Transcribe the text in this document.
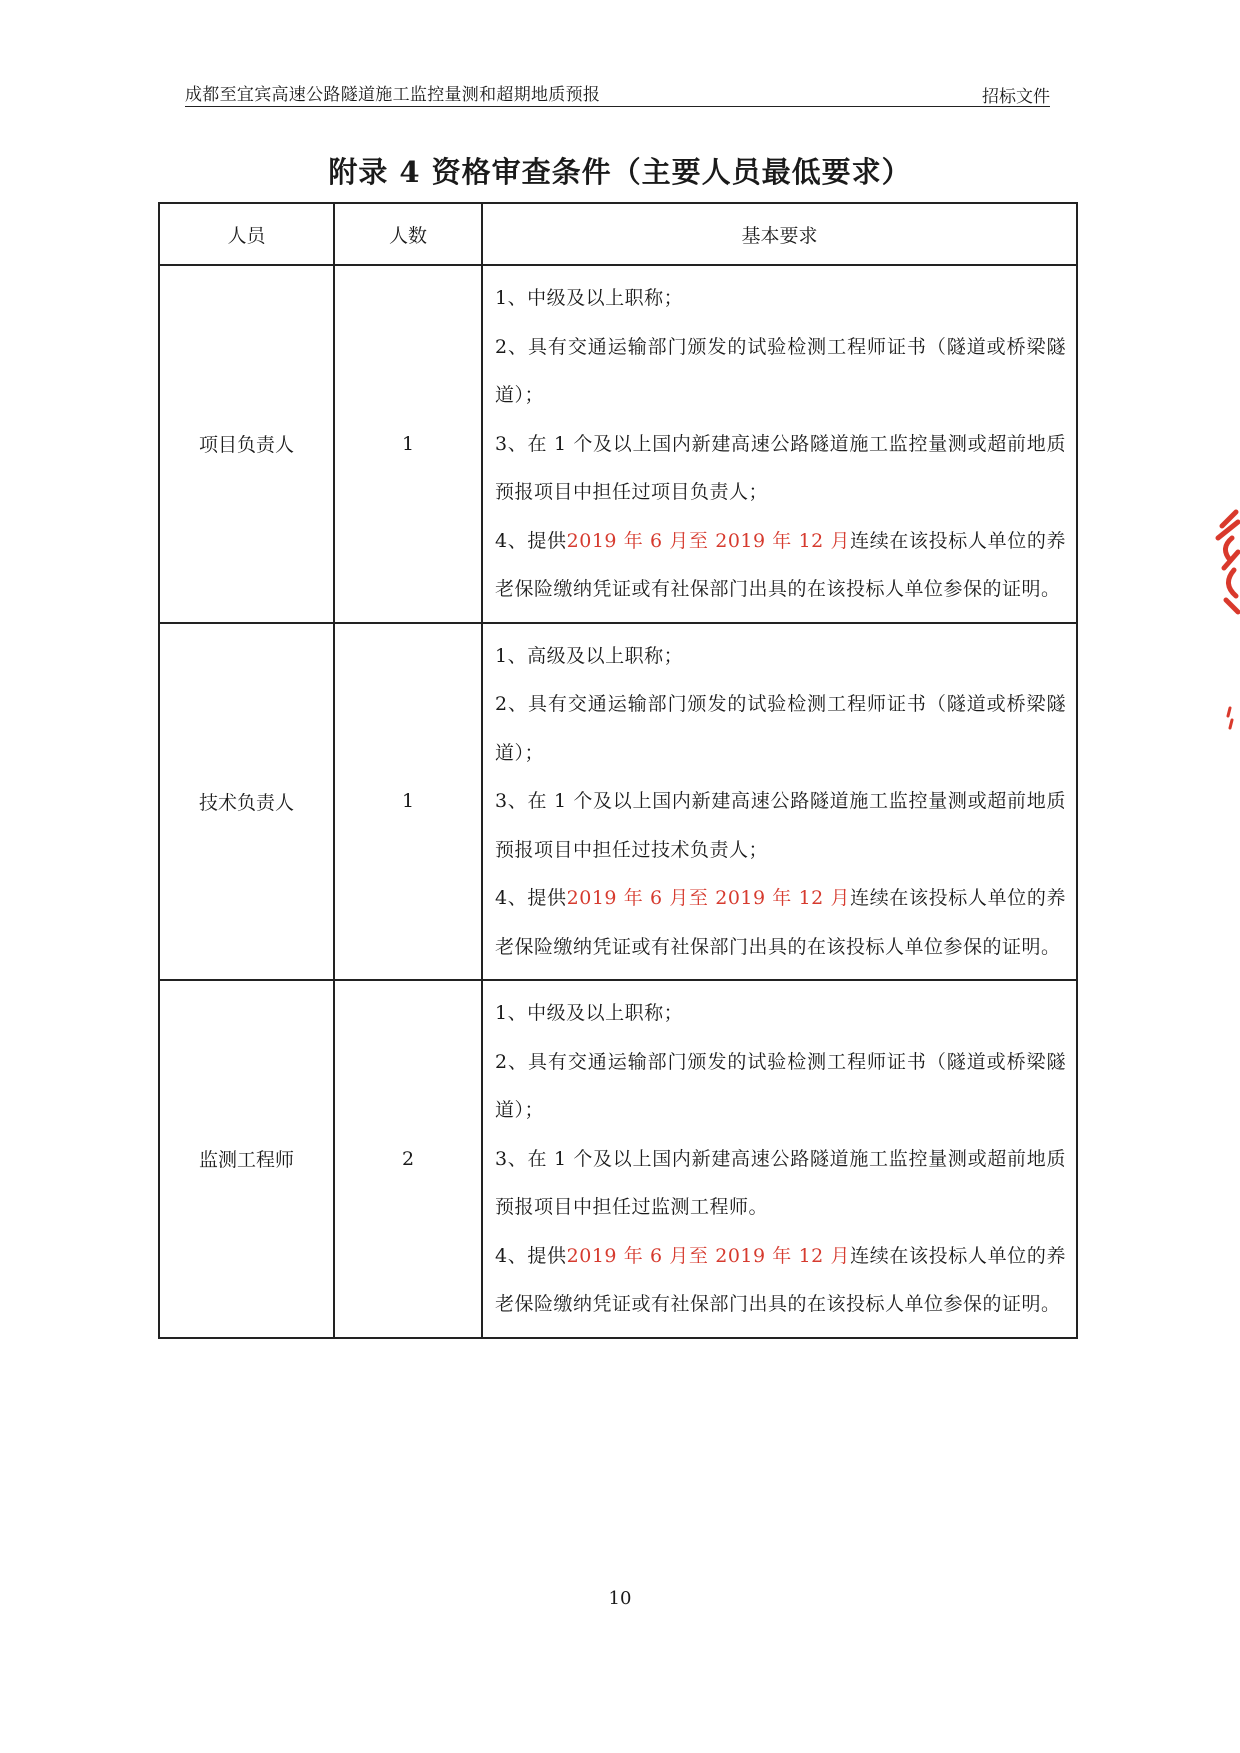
成都至宜宾高速公路隧道施工监控量测和超期地质预报	招标文件
附录 4 资格审查条件（主要人员最低要求）
人员	人数	基本要求
项目负责人	1	1、中级及以上职称；
2、具有交通运输部门颁发的试验检测工程师证书（隧道或桥梁隧道）；
3、在 1 个及以上国内新建高速公路隧道施工监控量测或超前地质预报项目中担任过项目负责人；
4、提供2019 年 6 月至 2019 年 12 月连续在该投标人单位的养老保险缴纳凭证或有社保部门出具的在该投标人单位参保的证明。

技术负责人	1	1、高级及以上职称；
2、具有交通运输部门颁发的试验检测工程师证书（隧道或桥梁隧道）；
3、在 1 个及以上国内新建高速公路隧道施工监控量测或超前地质预报项目中担任过技术负责人；
4、提供2019 年 6 月至 2019 年 12 月连续在该投标人单位的养老保险缴纳凭证或有社保部门出具的在该投标人单位参保的证明。

监测工程师	2	1、中级及以上职称；
2、具有交通运输部门颁发的试验检测工程师证书（隧道或桥梁隧道）；
3、在 1 个及以上国内新建高速公路隧道施工监控量测或超前地质预报项目中担任过监测工程师。
4、提供2019 年 6 月至 2019 年 12 月连续在该投标人单位的养老保险缴纳凭证或有社保部门出具的在该投标人单位参保的证明。
10
